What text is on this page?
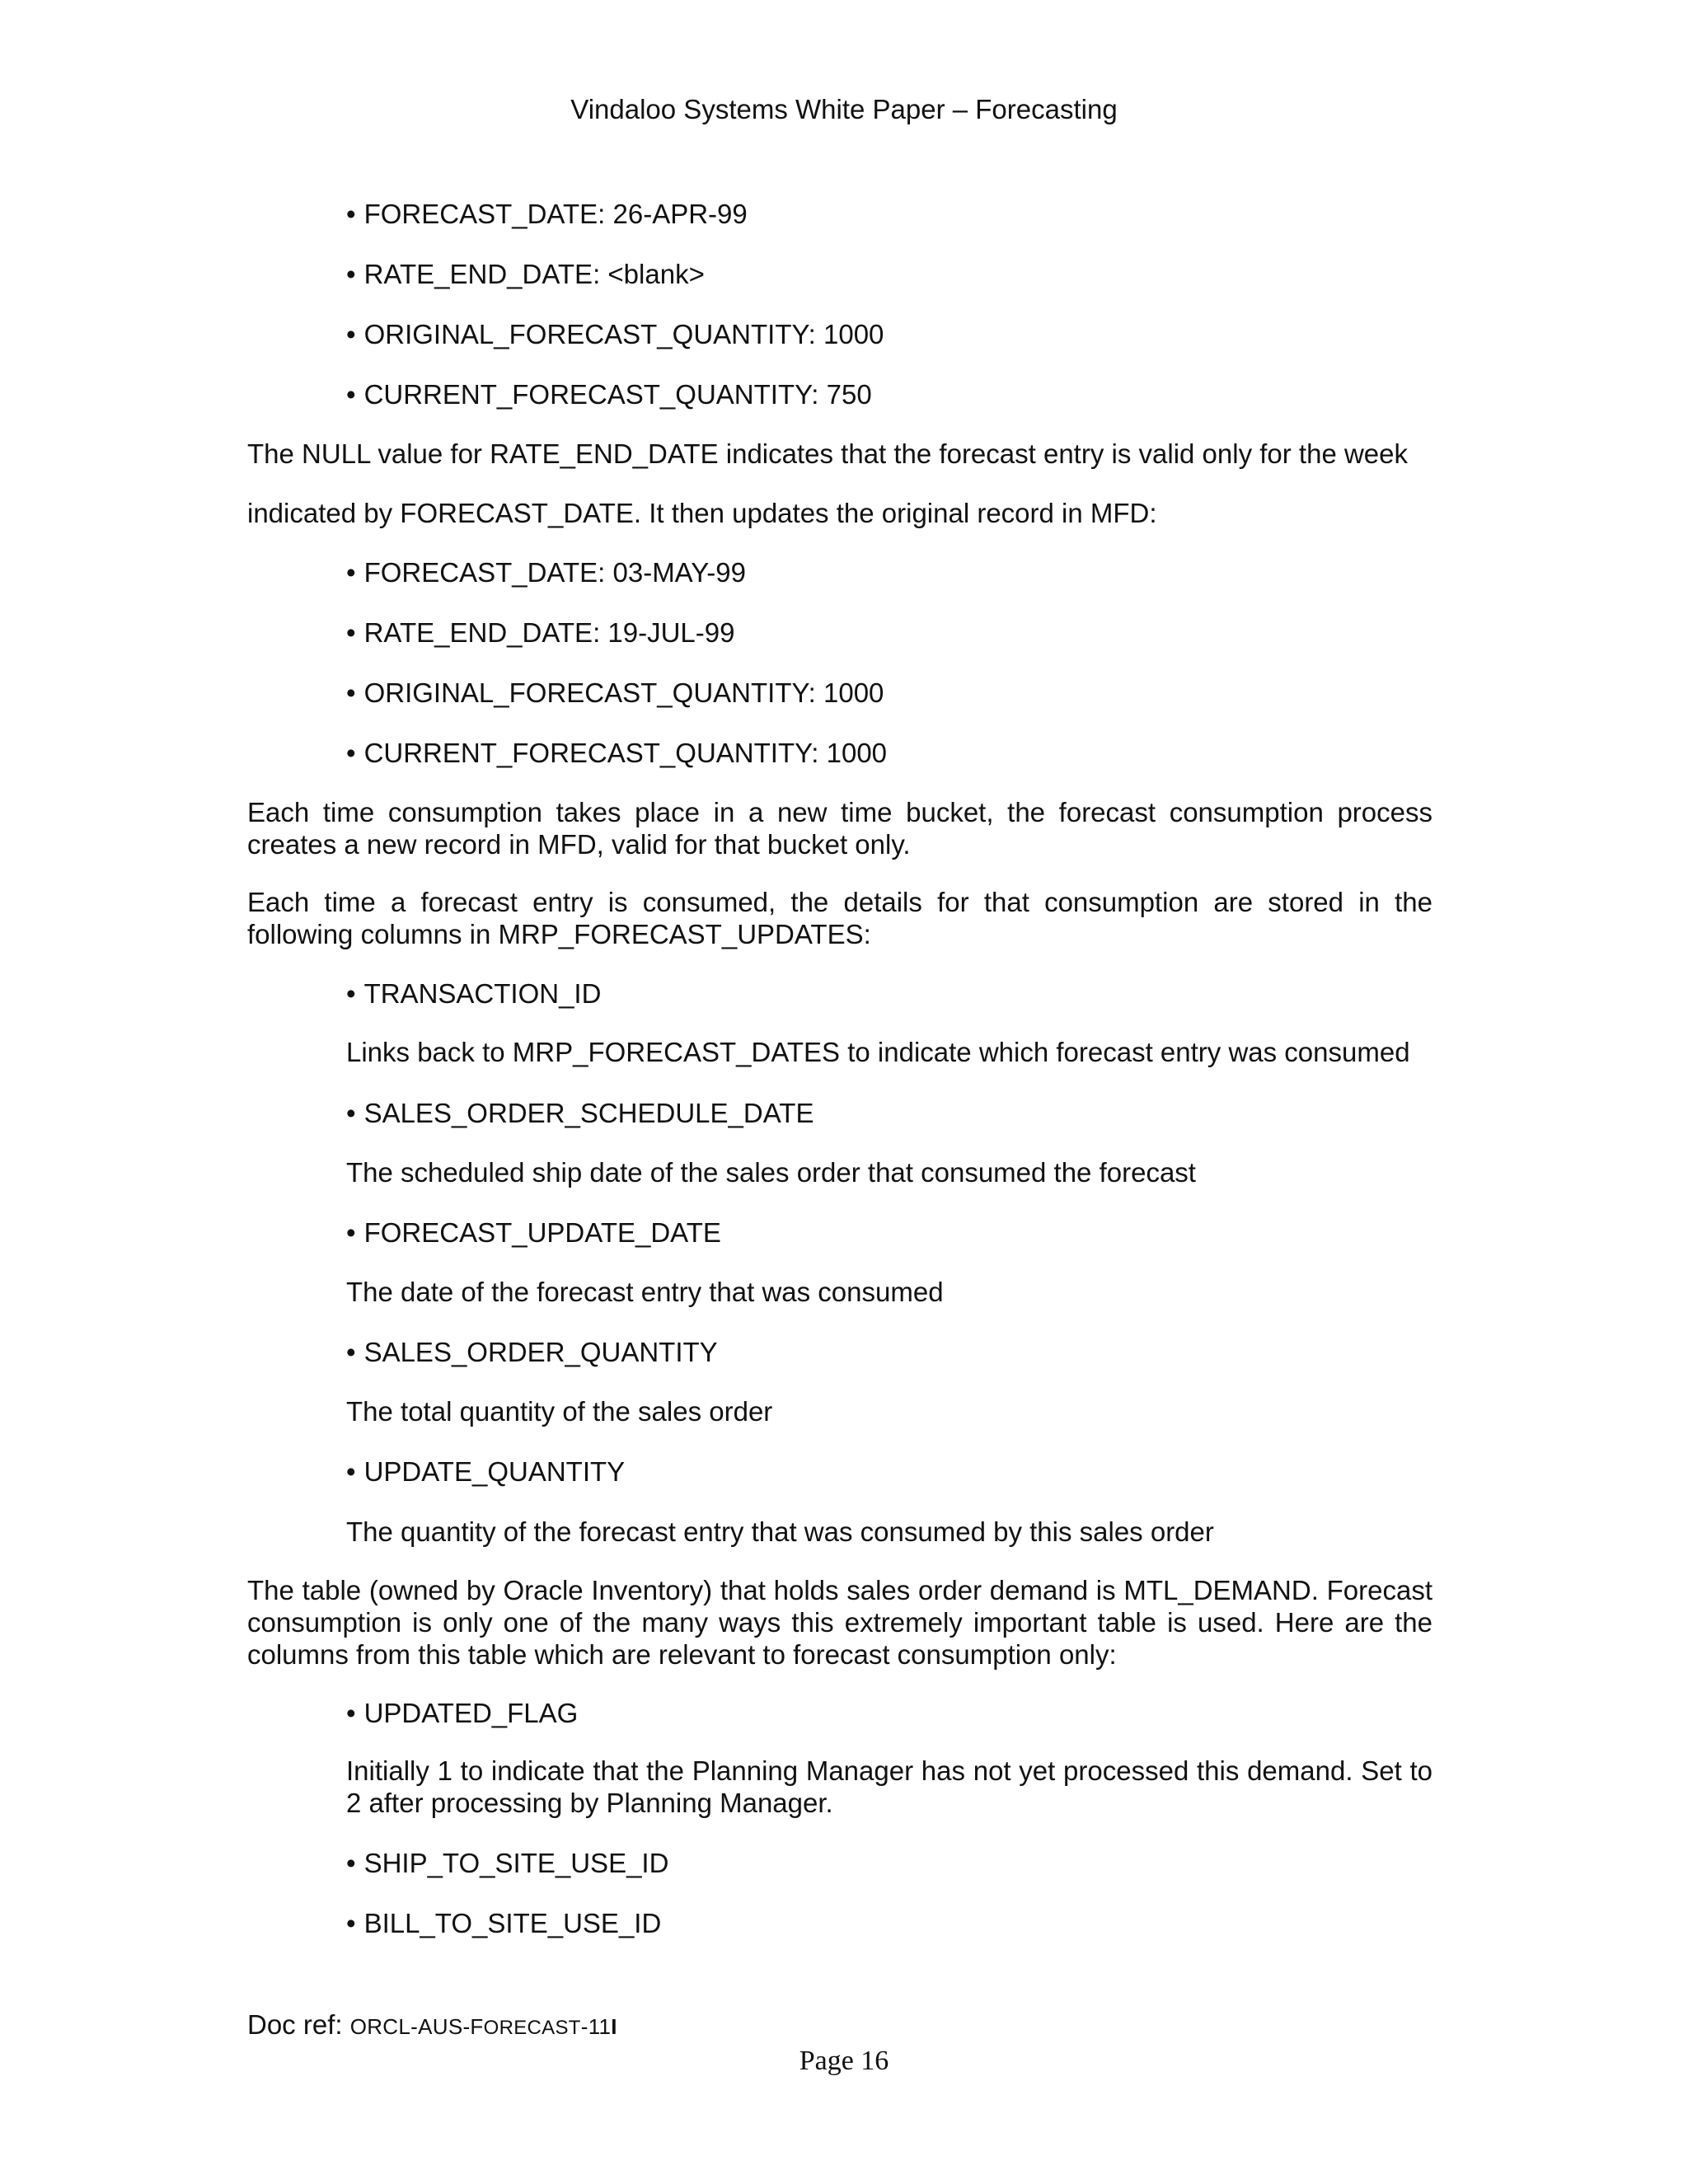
Vindaloo Systems White Paper – Forecasting
• FORECAST_DATE: 26-APR-99
• RATE_END_DATE: <blank>
• ORIGINAL_FORECAST_QUANTITY: 1000
• CURRENT_FORECAST_QUANTITY: 750
The NULL value for RATE_END_DATE indicates that the forecast entry is valid only for the week
indicated by FORECAST_DATE. It then updates the original record in MFD:
• FORECAST_DATE: 03-MAY-99
• RATE_END_DATE: 19-JUL-99
• ORIGINAL_FORECAST_QUANTITY: 1000
• CURRENT_FORECAST_QUANTITY: 1000
Each time consumption takes place in a new time bucket, the forecast consumption process creates a new record in MFD, valid for that bucket only.
Each time a forecast entry is consumed, the details for that consumption are stored in the following columns in MRP_FORECAST_UPDATES:
• TRANSACTION_ID
Links back to MRP_FORECAST_DATES to indicate which forecast entry was consumed
• SALES_ORDER_SCHEDULE_DATE
The scheduled ship date of the sales order that consumed the forecast
• FORECAST_UPDATE_DATE
The date of the forecast entry that was consumed
• SALES_ORDER_QUANTITY
The total quantity of the sales order
• UPDATE_QUANTITY
The quantity of the forecast entry that was consumed by this sales order
The table (owned by Oracle Inventory) that holds sales order demand is MTL_DEMAND. Forecast consumption is only one of the many ways this extremely important table is used. Here are the columns from this table which are relevant to forecast consumption only:
• UPDATED_FLAG
Initially 1 to indicate that the Planning Manager has not yet processed this demand. Set to 2 after processing by Planning Manager.
• SHIP_TO_SITE_USE_ID
• BILL_TO_SITE_USE_ID
Doc ref: ORCL-AUS-FORECAST-11I
Page 16
